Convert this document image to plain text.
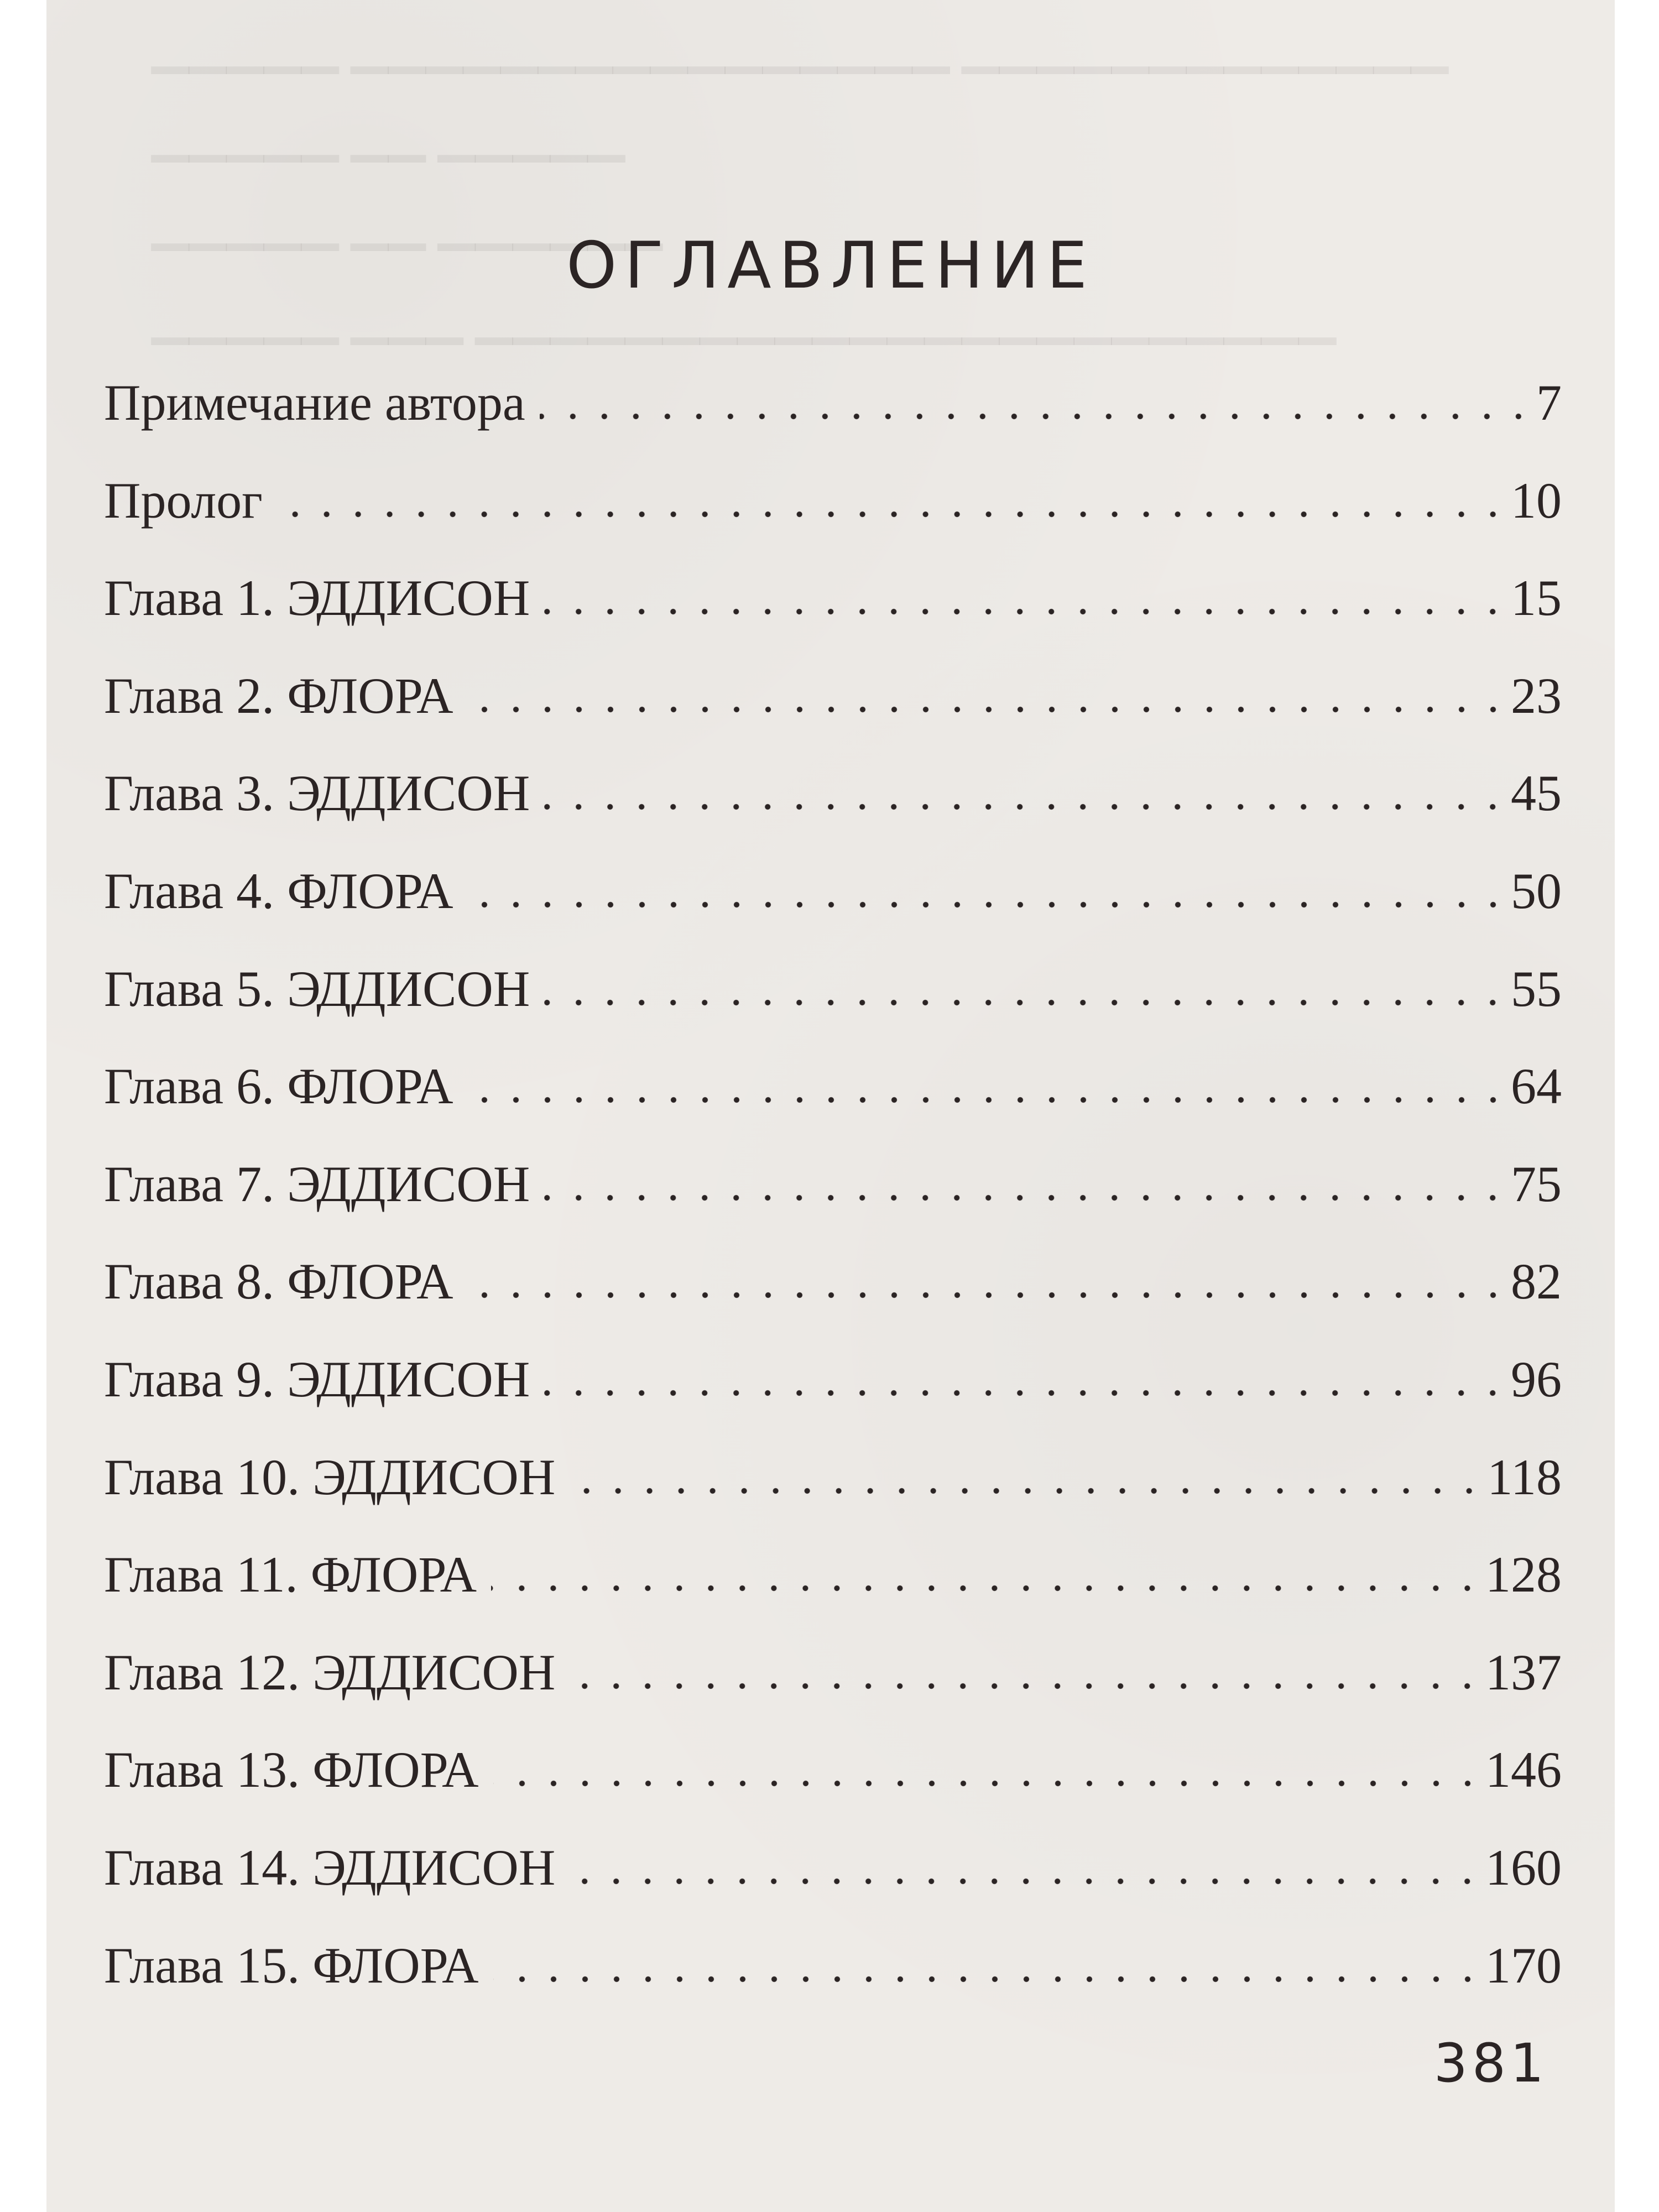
▁▁▁▁▁ ▁▁▁▁▁▁▁▁▁▁▁▁▁▁▁▁ ▁▁▁▁▁▁▁▁▁▁▁▁▁
▁▁▁▁▁ ▁▁ ▁▁▁▁▁
▁▁▁▁▁ ▁▁ ▁▁▁▁▁▁
▁▁▁▁▁ ▁▁▁ ▁▁▁▁▁▁▁▁▁▁▁▁▁▁▁▁▁▁▁▁▁▁▁
ОГЛАВЛЕНИЕ
Примечание автора	7
Пролог	10
Глава 1. ЭДДИСОН	15
Глава 2. ФЛОРА	23
Глава 3. ЭДДИСОН	45
Глава 4. ФЛОРА	50
Глава 5. ЭДДИСОН	55
Глава 6. ФЛОРА	64
Глава 7. ЭДДИСОН	75
Глава 8. ФЛОРА	82
Глава 9. ЭДДИСОН	96
Глава 10. ЭДДИСОН	118
Глава 11. ФЛОРА	128
Глава 12. ЭДДИСОН	137
Глава 13. ФЛОРА	146
Глава 14. ЭДДИСОН	160
Глава 15. ФЛОРА	170
381
